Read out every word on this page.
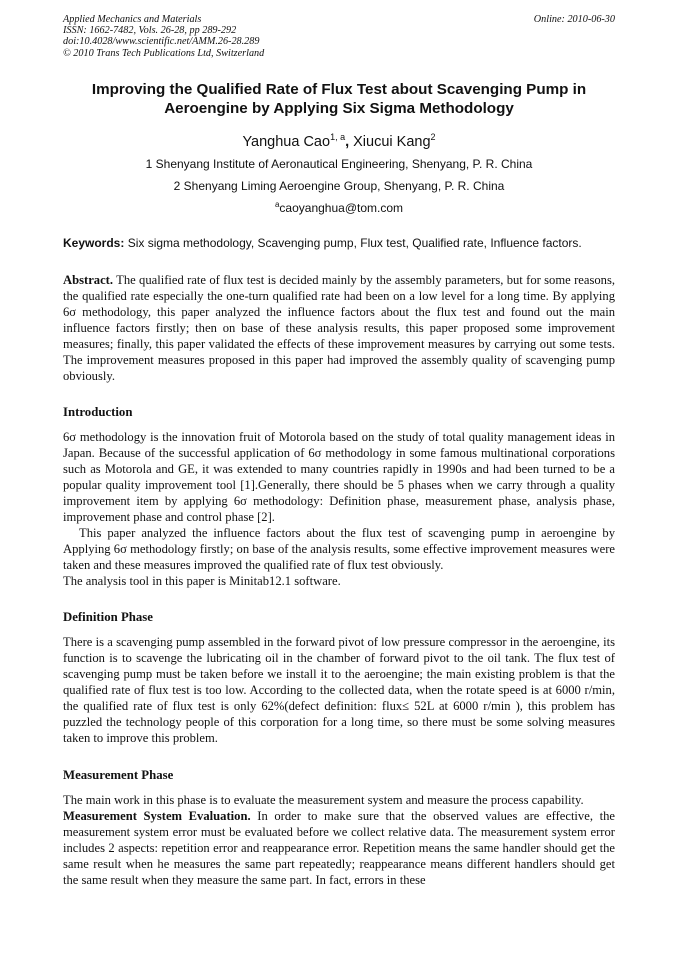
Applied Mechanics and Materials
ISSN: 1662-7482, Vols. 26-28, pp 289-292
doi:10.4028/www.scientific.net/AMM.26-28.289
© 2010 Trans Tech Publications Ltd, Switzerland
Online: 2010-06-30
Improving the Qualified Rate of Flux Test about Scavenging Pump in
Aeroengine by Applying Six Sigma Methodology
Yanghua Cao$^{1, a}$, Xiucui Kang$^2$
1 Shenyang Institute of Aeronautical Engineering, Shenyang, P. R. China
2 Shenyang Liming Aeroengine Group, Shenyang, P. R. China
$^a$caoyanghua@tom.com
Keywords: Six sigma methodology, Scavenging pump, Flux test, Qualified rate, Influence factors.

Abstract. The qualified rate of flux test is decided mainly by the assembly parameters, but for some reasons, the qualified rate especially the one-turn qualified rate had been on a low level for a long time. By applying 6σ methodology, this paper analyzed the influence factors about the flux test and found out the main influence factors firstly; then on base of these analysis results, this paper proposed some improvement measures; finally, this paper validated the effects of these improvement measures by carrying out some tests. The improvement measures proposed in this paper had improved the assembly quality of scavenging pump obviously.

Introduction

6σ methodology is the innovation fruit of Motorola based on the study of total quality management ideas in Japan. Because of the successful application of 6σ methodology in some famous multinational corporations such as Motorola and GE, it was extended to many countries rapidly in 1990s and had been turned to be a popular quality improvement tool [1].Generally, there should be 5 phases when we carry through a quality improvement item by applying 6σ methodology: Definition phase, measurement phase, analysis phase, improvement phase and control phase [2].

This paper analyzed the influence factors about the flux test of scavenging pump in aeroengine by Applying 6σ methodology firstly; on base of the analysis results, some effective improvement measures were taken and these measures improved the qualified rate of flux test obviously.

The analysis tool in this paper is Minitab12.1 software.

Definition Phase

There is a scavenging pump assembled in the forward pivot of low pressure compressor in the aeroengine, its function is to scavenge the lubricating oil in the chamber of forward pivot to the oil tank. The flux test of scavenging pump must be taken before we install it to the aeroengine; the main existing problem is that the qualified rate of flux test is too low. According to the collected data, when the rotate speed is at 6000 r/min, the qualified rate of flux test is only 62%(defect definition: flux≤ 52L at 6000 r/min ), this problem has puzzled the technology people of this corporation for a long time, so there must be some solving measures taken to improve this problem.

Measurement Phase

The main work in this phase is to evaluate the measurement system and measure the process capability.

Measurement System Evaluation. In order to make sure that the observed values are effective, the measurement system error must be evaluated before we collect relative data. The measurement system error includes 2 aspects: repetition error and reappearance error. Repetition means the same handler should get the same result when he measures the same part repeatedly; reappearance means different handlers should get the same result when they measure the same part. In fact, errors in these
